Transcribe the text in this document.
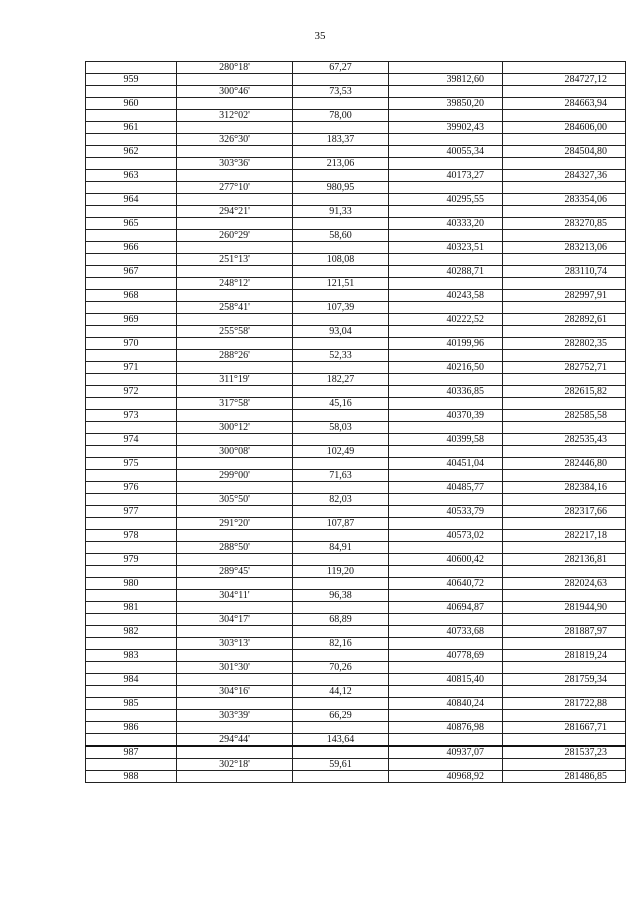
35
	280°18'	67,27		
959			39812,60	284727,12
	300°46'	73,53		
960			39850,20	284663,94
	312°02'	78,00		
961			39902,43	284606,00
	326°30'	183,37		
962			40055,34	284504,80
	303°36'	213,06		
963			40173,27	284327,36
	277°10'	980,95		
964			40295,55	283354,06
	294°21'	91,33		
965			40333,20	283270,85
	260°29'	58,60		
966			40323,51	283213,06
	251°13'	108,08		
967			40288,71	283110,74
	248°12'	121,51		
968			40243,58	282997,91
	258°41'	107,39		
969			40222,52	282892,61
	255°58'	93,04		
970			40199,96	282802,35
	288°26'	52,33		
971			40216,50	282752,71
	311°19'	182,27		
972			40336,85	282615,82
	317°58'	45,16		
973			40370,39	282585,58
	300°12'	58,03		
974			40399,58	282535,43
	300°08'	102,49		
975			40451,04	282446,80
	299°00'	71,63		
976			40485,77	282384,16
	305°50'	82,03		
977			40533,79	282317,66
	291°20'	107,87		
978			40573,02	282217,18
	288°50'	84,91		
979			40600,42	282136,81
	289°45'	119,20		
980			40640,72	282024,63
	304°11'	96,38		
981			40694,87	281944,90
	304°17'	68,89		
982			40733,68	281887,97
	303°13'	82,16		
983			40778,69	281819,24
	301°30'	70,26		
984			40815,40	281759,34
	304°16'	44,12		
985			40840,24	281722,88
	303°39'	66,29		
986			40876,98	281667,71
	294°44'	143,64		
987			40937,07	281537,23
	302°18'	59,61		
988			40968,92	281486,85
